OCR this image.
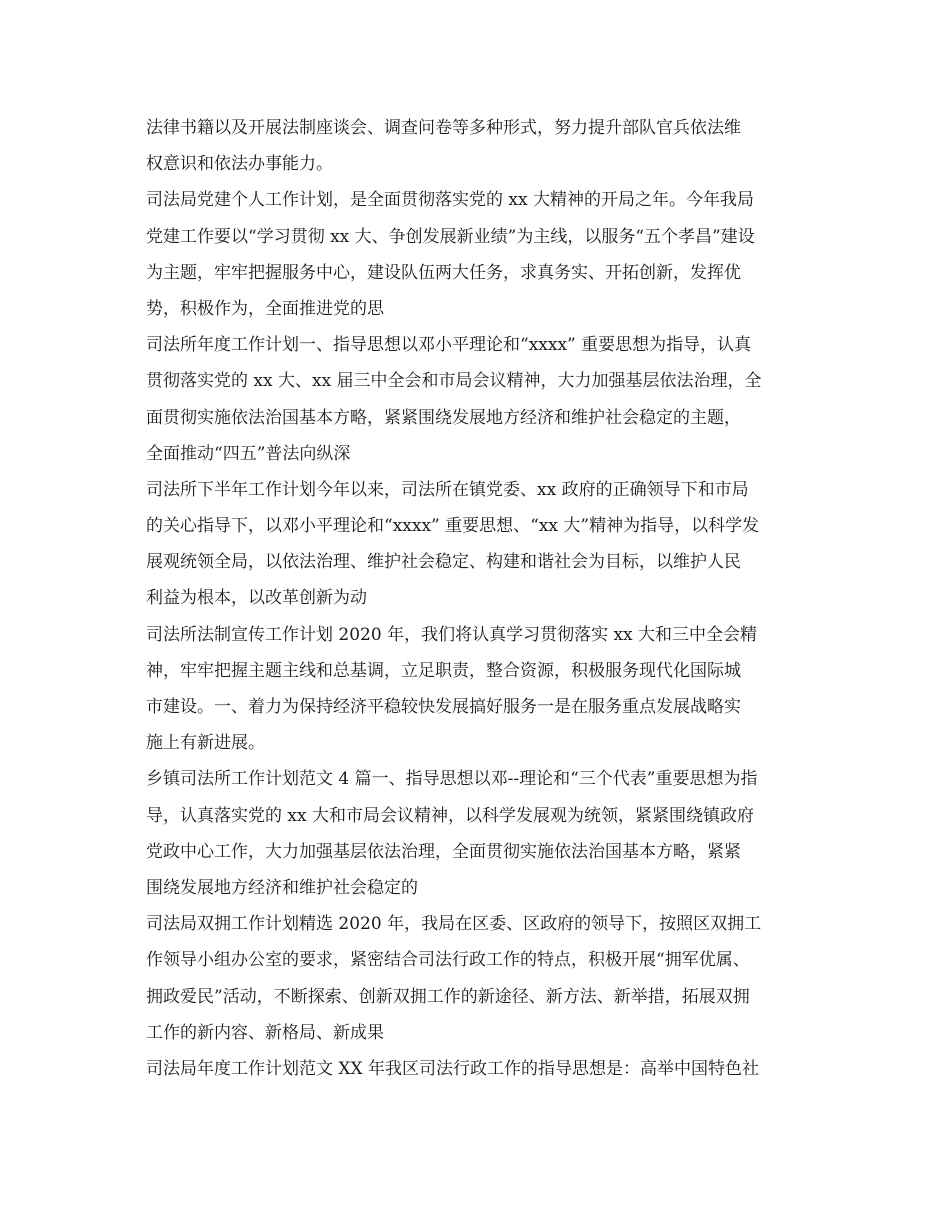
法律书籍以及开展法制座谈会、调查问卷等多种形式，努力提升部队官兵依法维
权意识和依法办事能力。
司法局党建个人工作计划，是全面贯彻落实党的 xx 大精神的开局之年。今年我局
党建工作要以“学习贯彻 xx 大、争创发展新业绩”为主线，以服务“五个孝昌”建设
为主题，牢牢把握服务中心，建设队伍两大任务，求真务实、开拓创新，发挥优
势，积极作为，全面推进党的思
司法所年度工作计划一、指导思想以邓小平理论和“xxxx” 重要思想为指导，认真
贯彻落实党的 xx 大、xx 届三中全会和市局会议精神，大力加强基层依法治理，全
面贯彻实施依法治国基本方略，紧紧围绕发展地方经济和维护社会稳定的主题，
全面推动“四五”普法向纵深
司法所下半年工作计划今年以来，司法所在镇党委、xx 政府的正确领导下和市局
的关心指导下，以邓小平理论和“xxxx” 重要思想、“xx 大”精神为指导，以科学发
展观统领全局，以依法治理、维护社会稳定、构建和谐社会为目标，以维护人民
利益为根本，以改革创新为动
司法所法制宣传工作计划 2020 年，我们将认真学习贯彻落实 xx 大和三中全会精
神，牢牢把握主题主线和总基调，立足职责，整合资源，积极服务现代化国际城
市建设。一、着力为保持经济平稳较快发展搞好服务一是在服务重点发展战略实
施上有新进展。
乡镇司法所工作计划范文 4 篇一、指导思想以邓--理论和“三个代表”重要思想为指
导，认真落实党的 xx 大和市局会议精神，以科学发展观为统领，紧紧围绕镇政府
党政中心工作，大力加强基层依法治理，全面贯彻实施依法治国基本方略，紧紧
围绕发展地方经济和维护社会稳定的
司法局双拥工作计划精选 2020 年，我局在区委、区政府的领导下，按照区双拥工
作领导小组办公室的要求，紧密结合司法行政工作的特点，积极开展“拥军优属、
拥政爱民”活动，不断探索、创新双拥工作的新途径、新方法、新举措，拓展双拥
工作的新内容、新格局、新成果
司法局年度工作计划范文 XX 年我区司法行政工作的指导思想是：高举中国特色社
